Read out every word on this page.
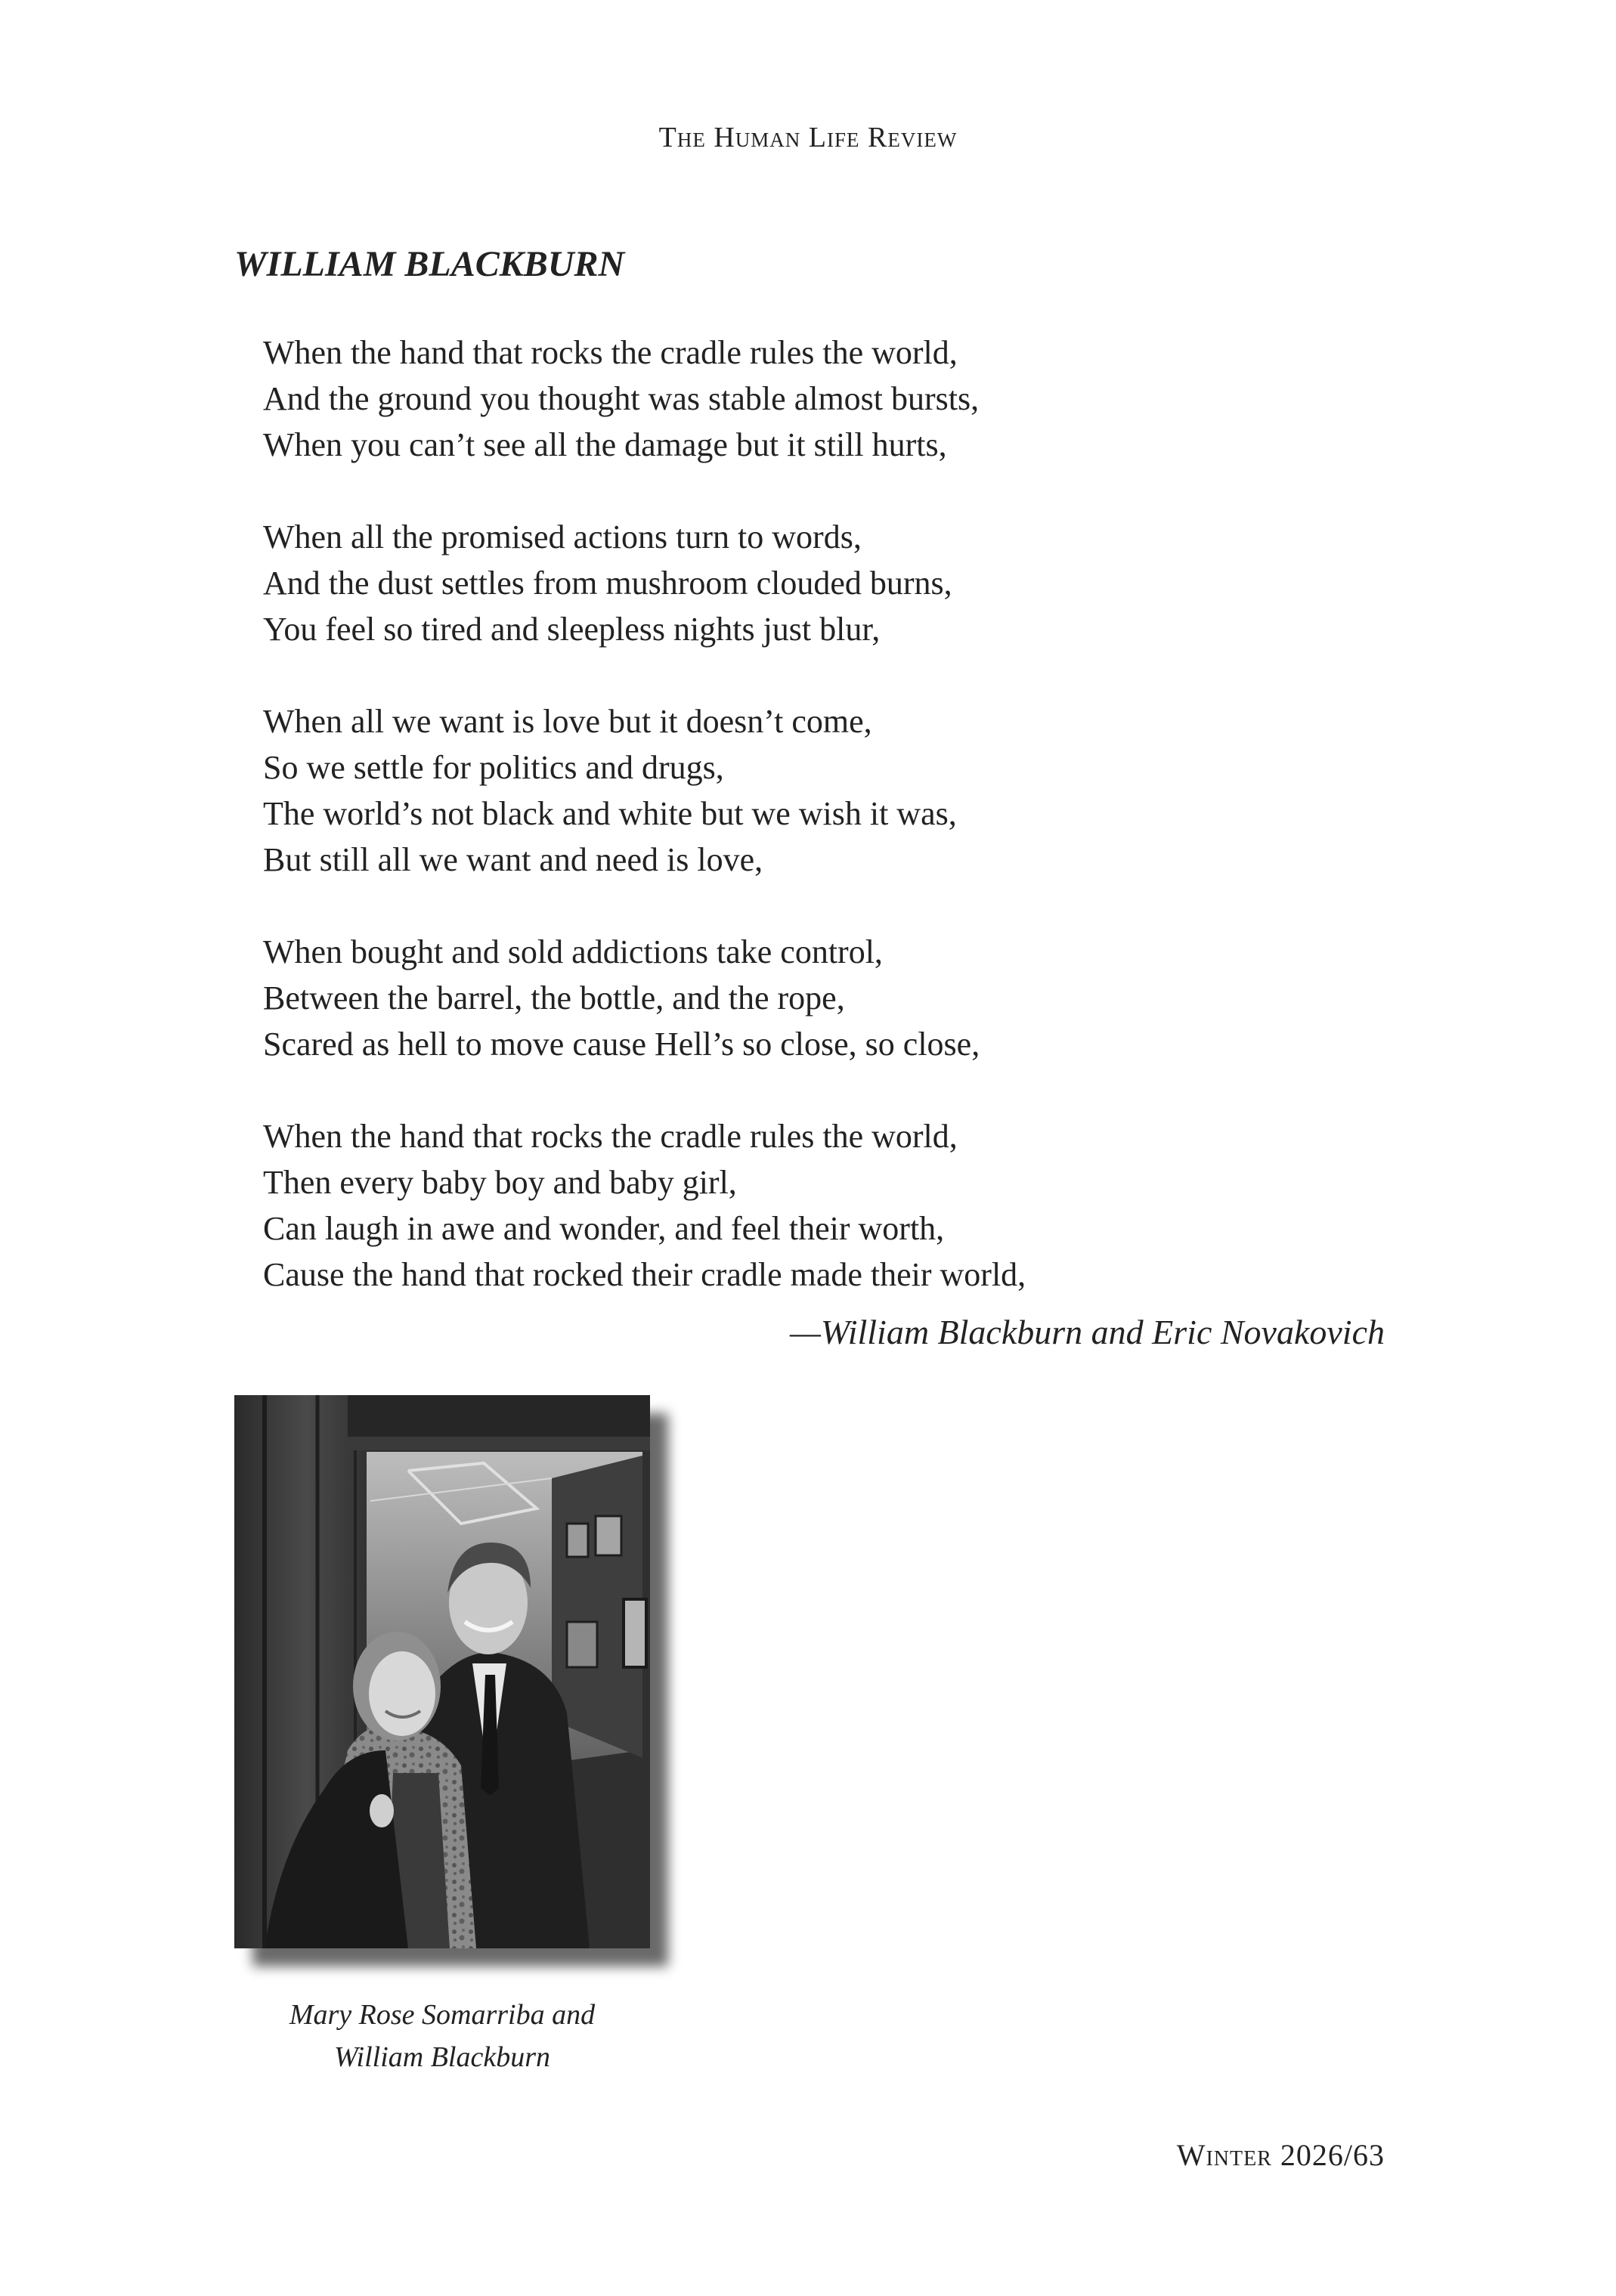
The Human Life Review
WILLIAM BLACKBURN
When the hand that rocks the cradle rules the world,
And the ground you thought was stable almost bursts,
When you can’t see all the damage but it still hurts,
When all the promised actions turn to words,
And the dust settles from mushroom clouded burns,
You feel so tired and sleepless nights just blur,
When all we want is love but it doesn’t come,
So we settle for politics and drugs,
The world’s not black and white but we wish it was,
But still all we want and need is love,
When bought and sold addictions take control,
Between the barrel, the bottle, and the rope,
Scared as hell to move cause Hell’s so close, so close,
When the hand that rocks the cradle rules the world,
Then every baby boy and baby girl,
Can laugh in awe and wonder, and feel their worth,
Cause the hand that rocked their cradle made their world,
—William Blackburn and Eric Novakovich
Mary Rose Somarriba and
William Blackburn
Winter 2026/63
